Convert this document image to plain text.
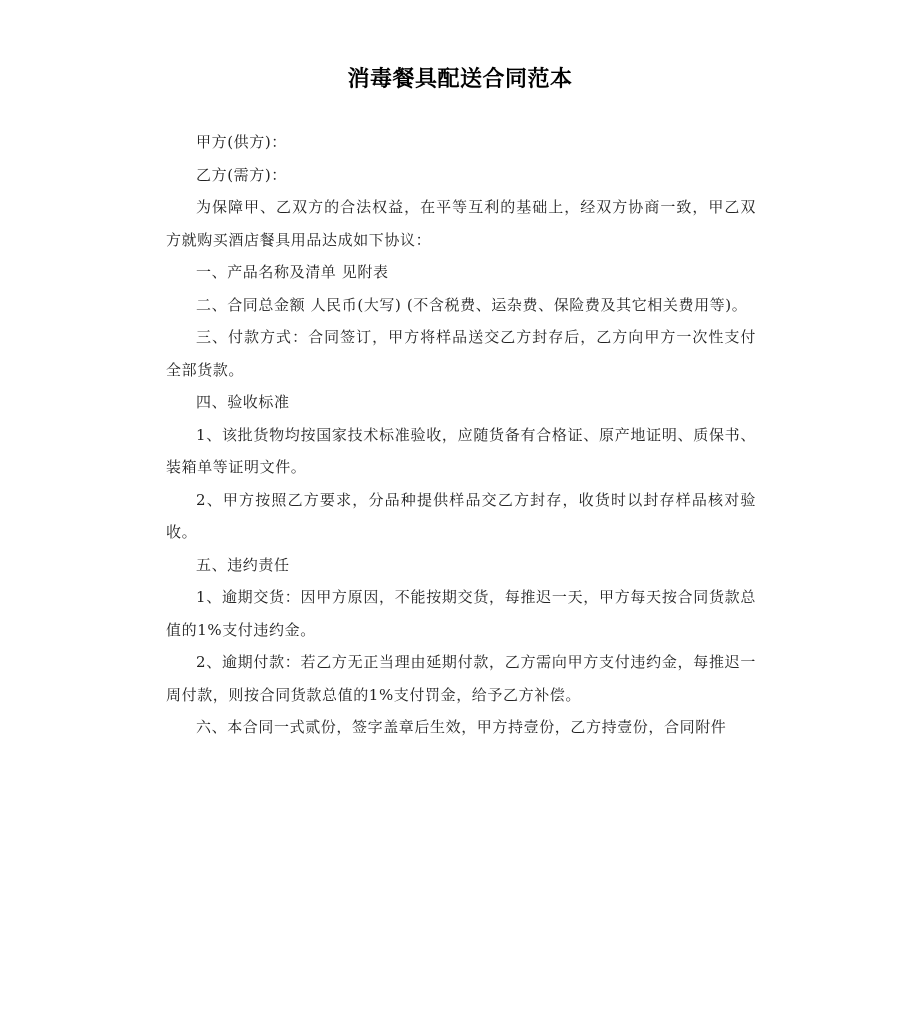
消毒餐具配送合同范本

甲方(供方)：

乙方(需方)：

为保障甲、乙双方的合法权益，在平等互利的基础上，经双方协商一致，甲乙双方就购买酒店餐具用品达成如下协议：

一、产品名称及清单 见附表

二、合同总金额 人民币(大写) (不含税费、运杂费、保险费及其它相关费用等)。

三、付款方式：合同签订，甲方将样品送交乙方封存后，乙方向甲方一次性支付全部货款。

四、验收标准

1、该批货物均按国家技术标准验收，应随货备有合格证、原产地证明、质保书、装箱单等证明文件。

2、甲方按照乙方要求，分品种提供样品交乙方封存，收货时以封存样品核对验收。

五、违约责任

1、逾期交货：因甲方原因，不能按期交货，每推迟一天，甲方每天按合同货款总值的1%支付违约金。

2、逾期付款：若乙方无正当理由延期付款，乙方需向甲方支付违约金，每推迟一周付款，则按合同货款总值的1%支付罚金，给予乙方补偿。

六、本合同一式贰份，签字盖章后生效，甲方持壹份，乙方持壹份，合同附件
